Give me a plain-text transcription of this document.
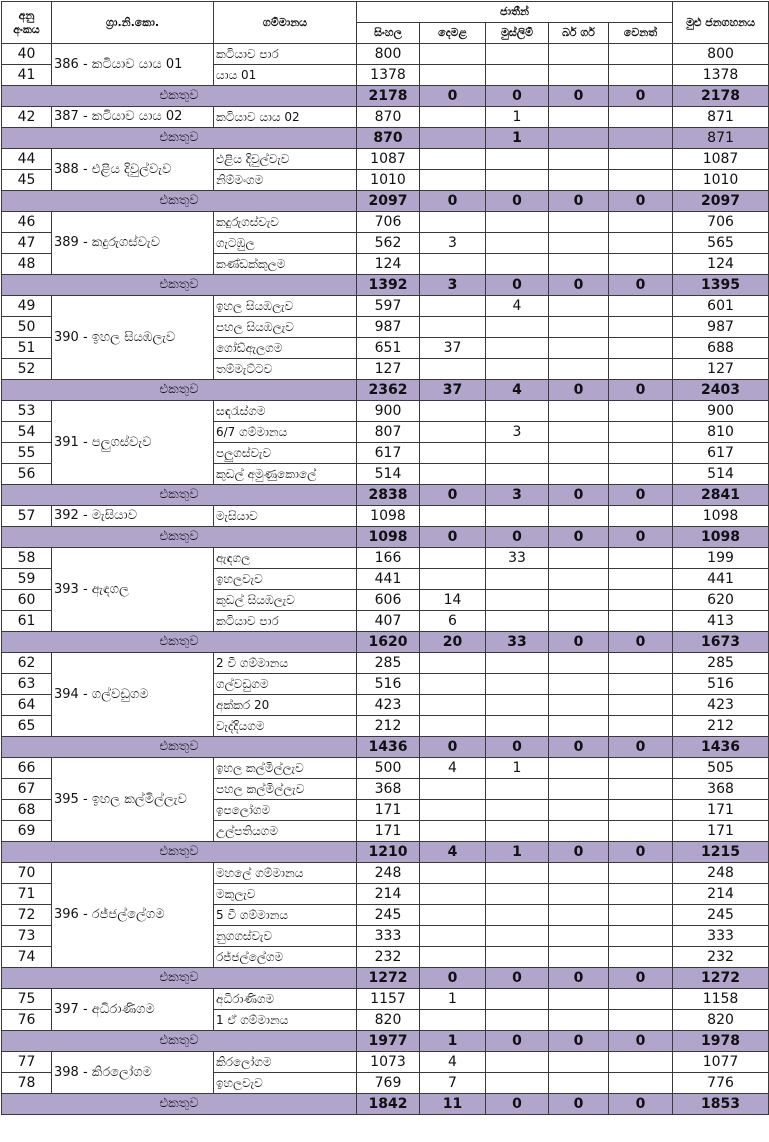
අනු අංකය	ග්‍රා.නි.කො.	ගම්මානය	ජාතීන්					මුළු ජනගහනය
			සිංහල	දෙමළ	මුස්ලිම්	බර් ගර්	වෙනත්	
40	386 - කටියාව යාය 01	කටියාව පාර	800					800
41		යාය 01	1378					1378
එකතුව			2178	0	0	0	0	2178
42	387 - කටියාව යාය 02	කටියාව යාය 02	870		1			871
එකතුව			870		1			871
44	388 - එළිය දිවුල්වැව	එළිය දිවුල්වැව	1087					1087
45		නිම්මංගම	1010					1010
එකතුව			2097	0	0	0	0	2097
46	389 - කදුරුගස්වැව	කදුරුගස්වැව	706					706
47		ගැටඹුල	562	3				565
48		කණ්ඩක්කුලම	124					124
එකතුව			1392	3	0	0	0	1395
49	390 - ඉහල සියඹලැව	ඉහල සියඹලැව	597		4			601
50		පහල සියඹලැව	987					987
51		ගෝඩ්ඇලගම	651	37				688
52		තම්මැට්ටව	127					127
එකතුව			2362	37	4	0	0	2403
53	391 - පලුගස්වැව	සඳරැස්ගම	900					900
54		6/7 ගම්මානය	807		3			810
55		පලුගස්වැව	617					617
56		කුඩල් අමුණුකොලේ	514					514
එකතුව			2838	0	3	0	0	2841
57	392 - මැසියාව	මැසියාව	1098					1098
එකතුව			1098	0	0	0	0	1098
58	393 - ඇඳගල	ඇඳගල	166		33			199
59		ඉහලවැව	441					441
60		කුඩල් සියඹලැව	606	14				620
61		කටියාව පාර	407	6				413
එකතුව			1620	20	33	0	0	1673
62	394 - ගල්වඩුගම	2 වී ගම්මානය	285					285
63		ගල්වඩුගම	516					516
64		අක්කර 20	423					423
65		වැද්දියගම	212					212
එකතුව			1436	0	0	0	0	1436
66	395 - ඉහල කල්මිල්ලැව	ඉහල කල්මිල්ලැව	500	4	1			505
67		පහල කල්මිල්ලැව	368					368
68		ඉපලෝගම	171					171
69		උල්පතියගම	171					171
එකතුව			1210	4	1	0	0	1215
70	396 - රජ්ජල්ලේගම	මහලේ ගම්මානය	248					248
71		මකුලැව	214					214
72		5 වී ගම්මානය	245					245
73		නුගගස්වැව	333					333
74		රජ්ජල්ලේගම	232					232
එකතුව			1272	0	0	0	0	1272
75	397 - අධිරාණිගම	අධිරාණිගම	1157	1				1158
76		1 ඒ ගම්මානය	820					820
එකතුව			1977	1	0	0	0	1978
77	398 - කිරලෝගම	කිරලෝගම	1073	4				1077
78		ඉහලවැව	769	7				776
එකතුව			1842	11	0	0	0	1853
